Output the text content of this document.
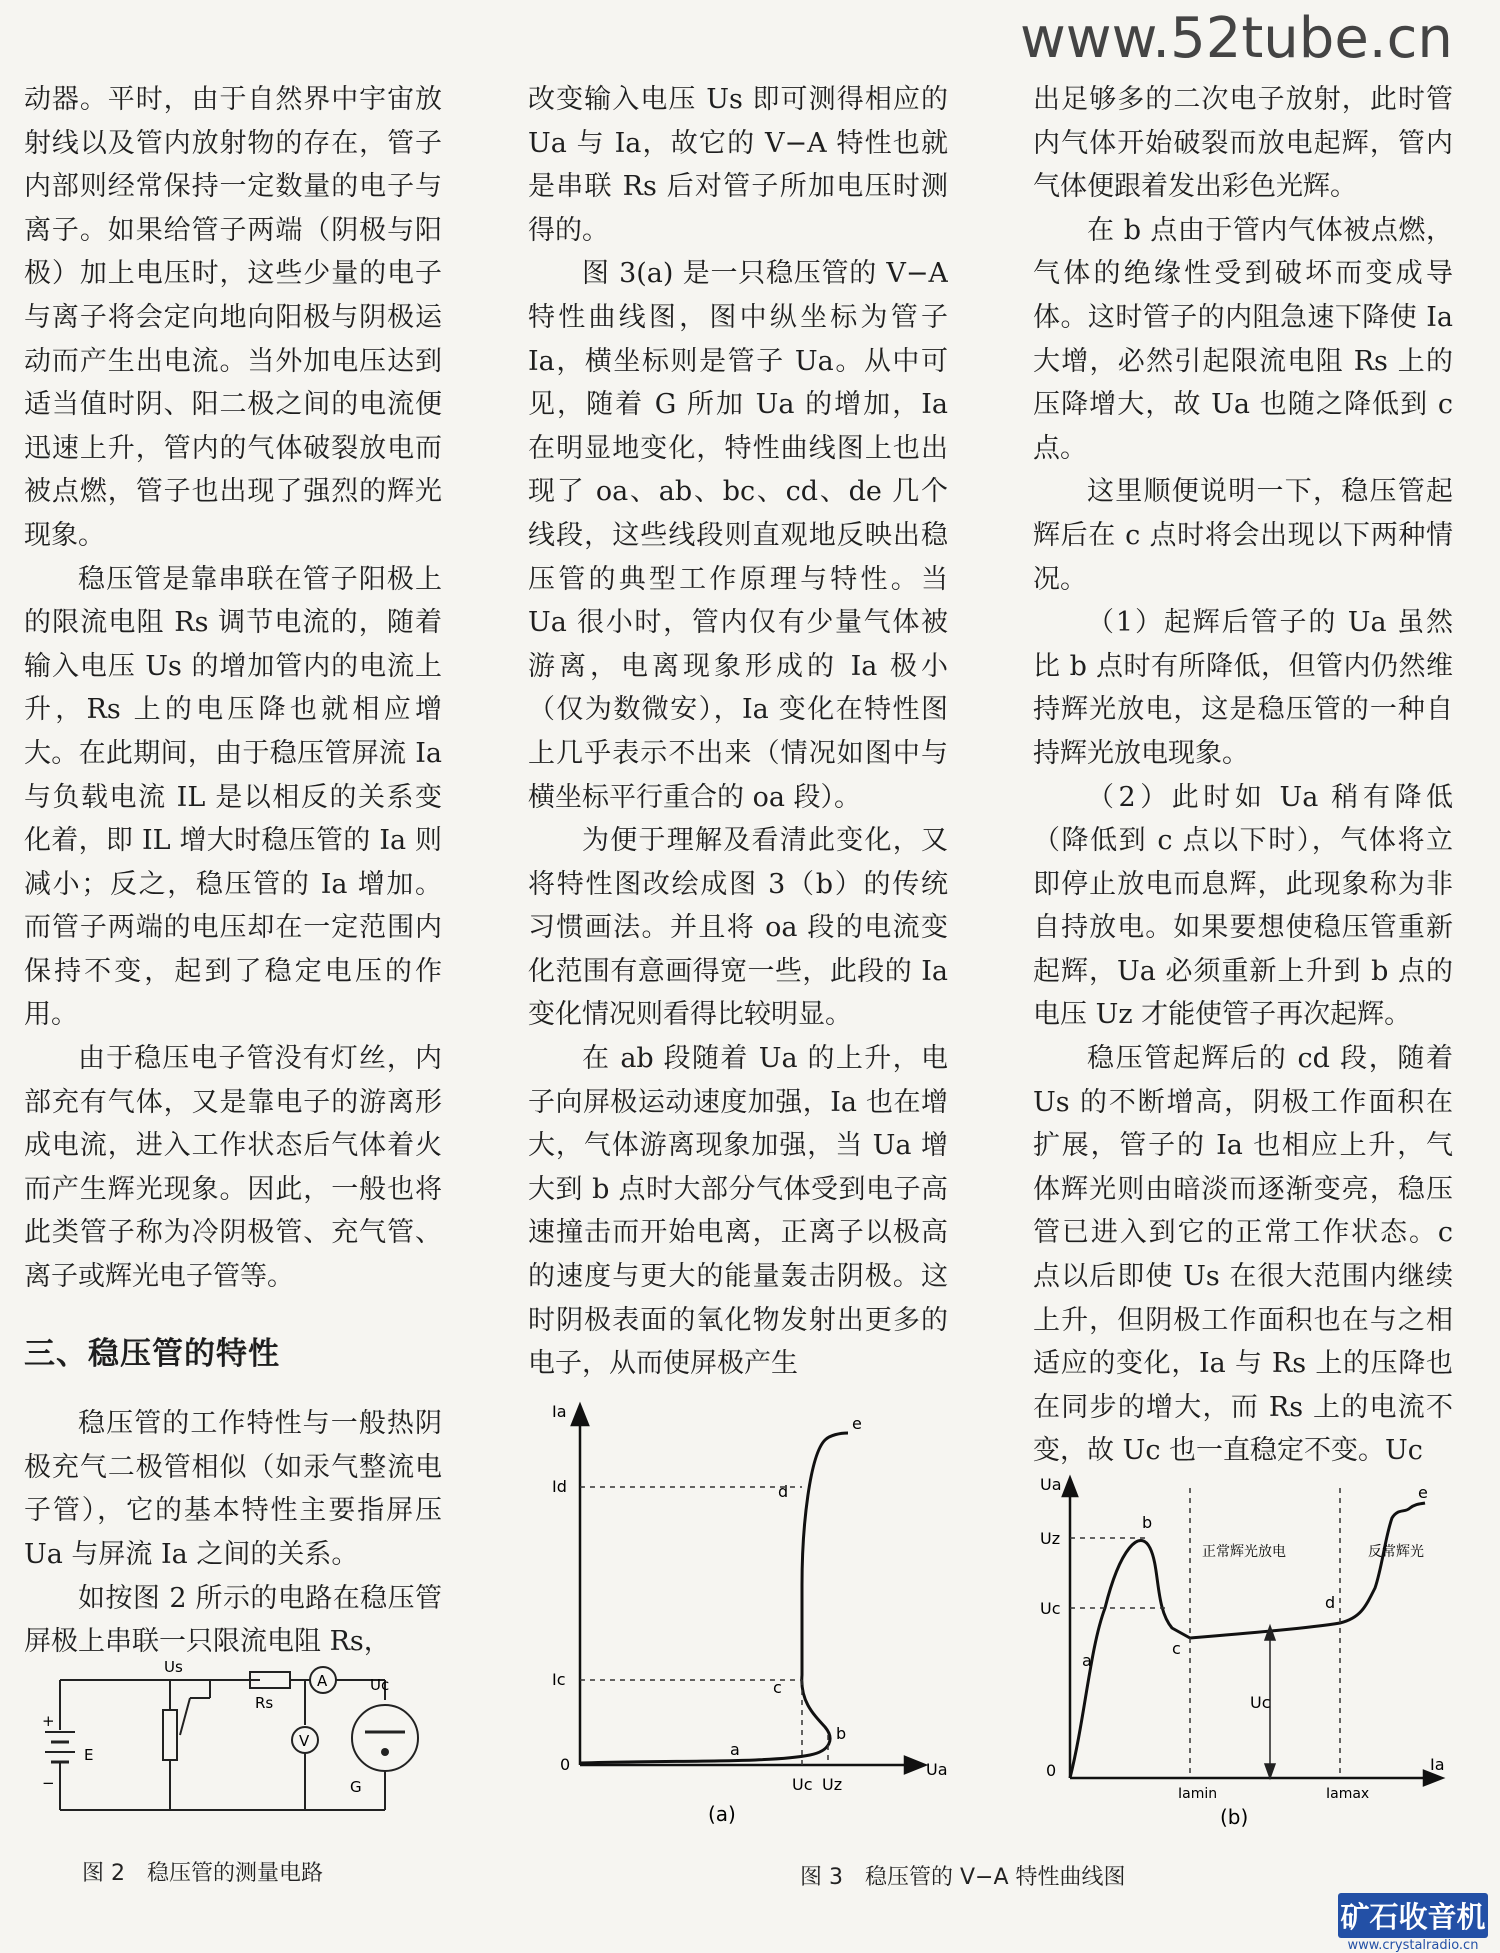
www.52tube.cn

动器。平时，由于自然界中宇宙放射线以及管内放射物的存在，管子内部则经常保持一定数量的电子与离子。如果给管子两端（阴极与阳极）加上电压时，这些少量的电子与离子将会定向地向阳极与阴极运动而产生出电流。当外加电压达到适当值时阴、阳二极之间的电流便迅速上升，管内的气体破裂放电而被点燃，管子也出现了强烈的辉光现象。

稳压管是靠串联在管子阳极上的限流电阻 Rs 调节电流的，随着输入电压 Us 的增加管内的电流上升，Rs 上的电压降也就相应增大。在此期间，由于稳压管屏流 Ia 与负载电流 IL 是以相反的关系变化着，即 IL 增大时稳压管的 Ia 则减小；反之，稳压管的 Ia 增加。而管子两端的电压却在一定范围内保持不变，起到了稳定电压的作用。

由于稳压电子管没有灯丝，内部充有气体，又是靠电子的游离形成电流，进入工作状态后气体着火而产生辉光现象。因此，一般也将此类管子称为冷阴极管、充气管、离子或辉光电子管等。

三、稳压管的特性

稳压管的工作特性与一般热阴极充气二极管相似（如汞气整流电子管），它的基本特性主要指屏压 Ua 与屏流 Ia 之间的关系。

如按图 2 所示的电路在稳压管屏极上串联一只限流电阻 Rs，

改变输入电压 Us 即可测得相应的 Ua 与 Ia，故它的 V−A 特性也就是串联 Rs 后对管子所加电压时测得的。

图 3(a) 是一只稳压管的 V−A 特性曲线图，图中纵坐标为管子 Ia，横坐标则是管子 Ua。从中可见，随着 G 所加 Ua 的增加，Ia 在明显地变化，特性曲线图上也出现了 oa、ab、bc、cd、de 几个线段，这些线段则直观地反映出稳压管的典型工作原理与特性。当 Ua 很小时，管内仅有少量气体被游离，电离现象形成的 Ia 极小（仅为数微安），Ia 变化在特性图上几乎表示不出来（情况如图中与横坐标平行重合的 oa 段）。

为便于理解及看清此变化，又将特性图改绘成图 3（b）的传统习惯画法。并且将 oa 段的电流变化范围有意画得宽一些，此段的 Ia 变化情况则看得比较明显。

在 ab 段随着 Ua 的上升，电子向屏极运动速度加强，Ia 也在增大，气体游离现象加强，当 Ua 增大到 b 点时大部分气体受到电子高速撞击而开始电离，正离子以极高的速度与更大的能量轰击阴极。这时阴极表面的氧化物发射出更多的电子，从而使屏极产生

出足够多的二次电子放射，此时管内气体开始破裂而放电起辉，管内气体便跟着发出彩色光辉。

在 b 点由于管内气体被点燃，气体的绝缘性受到破坏而变成导体。这时管子的内阻急速下降使 Ia 大增，必然引起限流电阻 Rs 上的压降增大，故 Ua 也随之降低到 c 点。

这里顺便说明一下，稳压管起辉后在 c 点时将会出现以下两种情况。

（1）起辉后管子的 Ua 虽然比 b 点时有所降低，但管内仍然维持辉光放电，这是稳压管的一种自持辉光放电现象。

（2）此时如 Ua 稍有降低（降低到 c 点以下时），气体将立即停止放电而息辉，此现象称为非自持放电。如果要想使稳压管重新起辉，Ua 必须重新上升到 b 点的电压 Uz 才能使管子再次起辉。

稳压管起辉后的 cd 段，随着 Us 的不断增高，阴极工作面积在扩展，管子的 Ia 也相应上升，气体辉光则由暗淡而逐渐变亮，稳压管已进入到它的正常工作状态。c 点以后即使 Us 在很大范围内继续上升，但阴极工作面积也在与之相适应的变化，Ia 与 Rs 上的压降也在同步的增大，而 Rs 上的电流不变，故 Uc 也一直稳定不变。Uc

Us
Rs
E
A
V
Uc
G
+
−
图 2　稳压管的测量电路
Ia
Id
Ic
0	Ua
Uc Uz
a
b
c
d
e
(a)
Ua
Uz
Uc
Uc
0	Ia
Iamin	Iamax
a
b
c
d
e
正常辉光放电	反常辉光
(b)
图 3　稳压管的 V−A 特性曲线图
矿石收音机
www.crystalradio.cn
